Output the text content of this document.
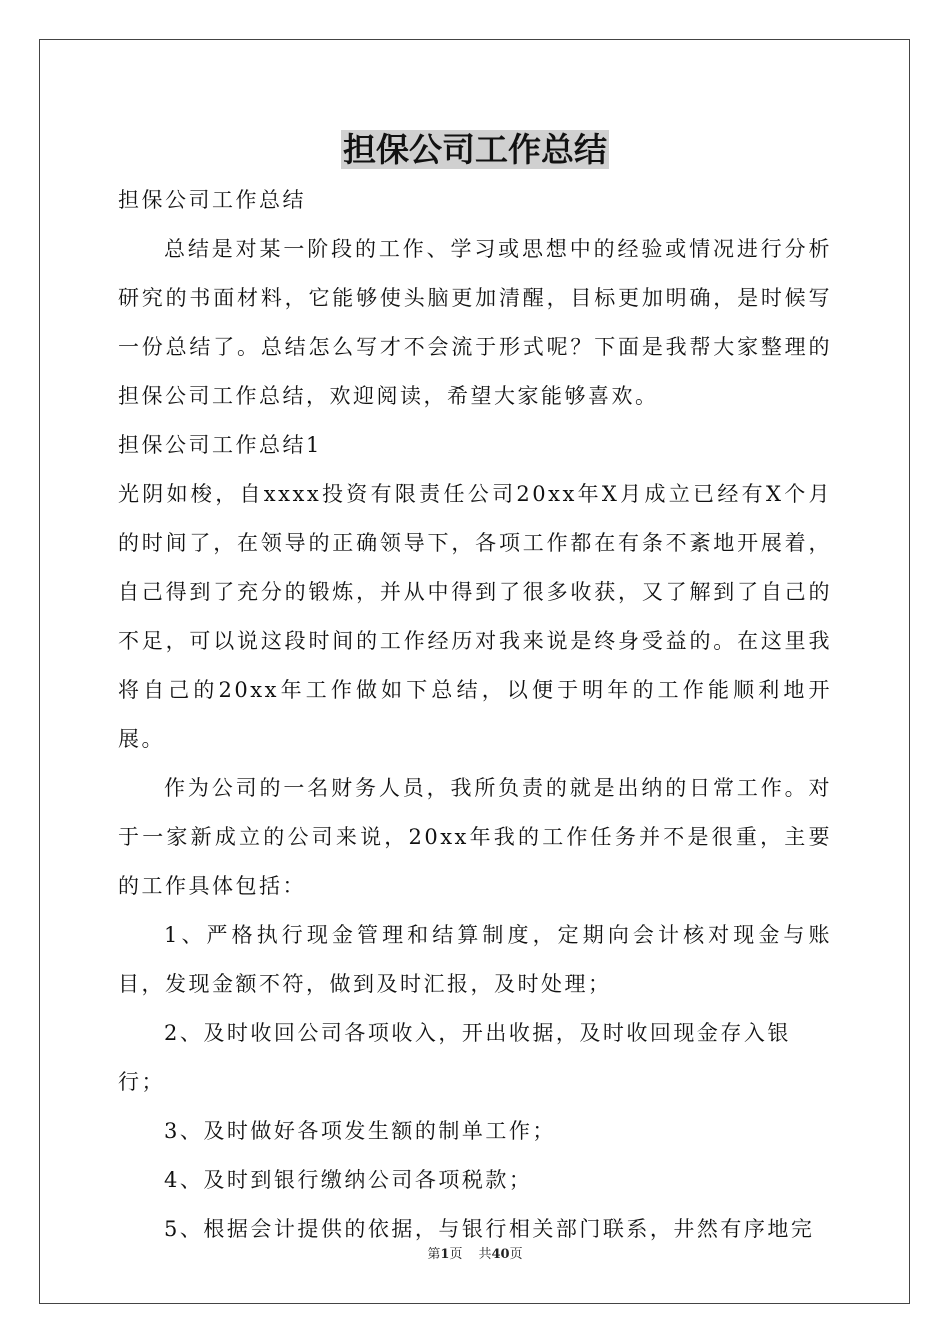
担保公司工作总结

担保公司工作总结

总结是对某一阶段的工作、学习或思想中的经验或情况进行分析研究的书面材料，它能够使头脑更加清醒，目标更加明确，是时候写一份总结了。总结怎么写才不会流于形式呢？下面是我帮大家整理的担保公司工作总结，欢迎阅读，希望大家能够喜欢。

担保公司工作总结1

光阴如梭，自xxxx投资有限责任公司20xx年X月成立已经有X个月的时间了，在领导的正确领导下，各项工作都在有条不紊地开展着，自己得到了充分的锻炼，并从中得到了很多收获，又了解到了自己的不足，可以说这段时间的工作经历对我来说是终身受益的。在这里我将自己的20xx年工作做如下总结，以便于明年的工作能顺利地开展。

作为公司的一名财务人员，我所负责的就是出纳的日常工作。对于一家新成立的公司来说，20xx年我的工作任务并不是很重，主要的工作具体包括：

1、严格执行现金管理和结算制度，定期向会计核对现金与账目，发现金额不符，做到及时汇报，及时处理；

2、及时收回公司各项收入，开出收据，及时收回现金存入银行；

3、及时做好各项发生额的制单工作；

4、及时到银行缴纳公司各项税款；

5、根据会计提供的依据，与银行相关部门联系，井然有序地完

第1页 共40页
